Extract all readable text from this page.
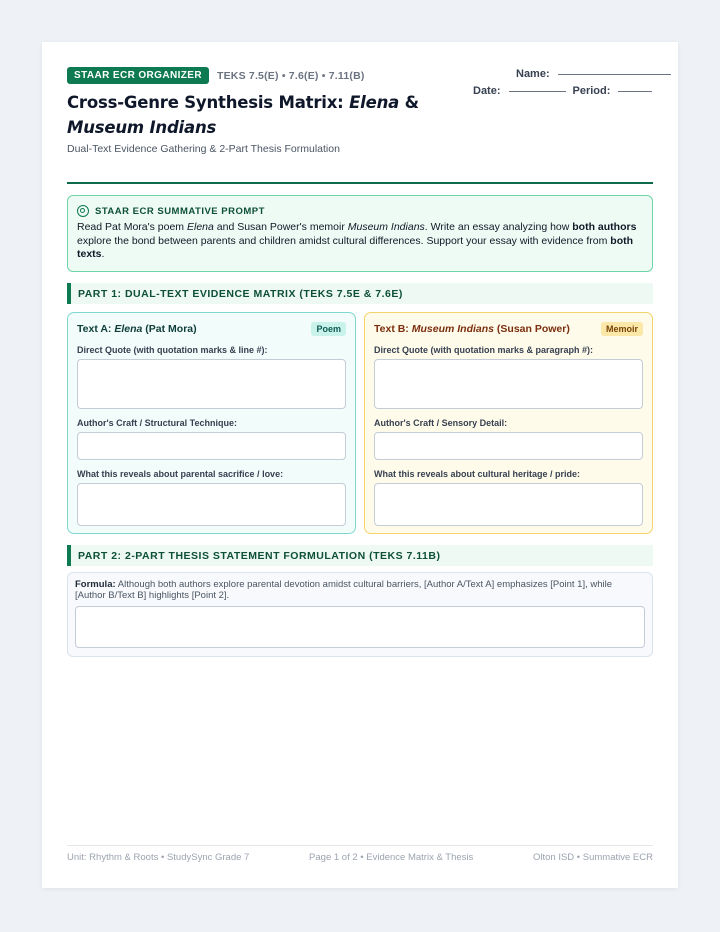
STAAR ECR ORGANIZER	TEKS 7.5(E) • 7.6(E) • 7.11(B)
Cross-Genre Synthesis Matrix: Elena & Museum Indians
Dual-Text Evidence Gathering & 2-Part Thesis Formulation
Name:
Date:	Period:
STAAR ECR SUMMATIVE PROMPT
Read Pat Mora's poem Elena and Susan Power's memoir Museum Indians. Write an essay analyzing how both authors explore the bond between parents and children amidst cultural differences. Support your essay with evidence from both texts.
PART 1: DUAL-TEXT EVIDENCE MATRIX (TEKS 7.5E & 7.6E)
Text A: Elena (Pat Mora)	Poem
Direct Quote (with quotation marks & line #):
Author's Craft / Structural Technique:
What this reveals about parental sacrifice / love:
Text B: Museum Indians (Susan Power)	Memoir
Direct Quote (with quotation marks & paragraph #):
Author's Craft / Sensory Detail:
What this reveals about cultural heritage / pride:
PART 2: 2-PART THESIS STATEMENT FORMULATION (TEKS 7.11B)
Formula: Although both authors explore parental devotion amidst cultural barriers, [Author A/Text A] emphasizes [Point 1], while [Author B/Text B] highlights [Point 2].
Unit: Rhythm & Roots • StudySync Grade 7	Page 1 of 2 • Evidence Matrix & Thesis	Olton ISD • Summative ECR
